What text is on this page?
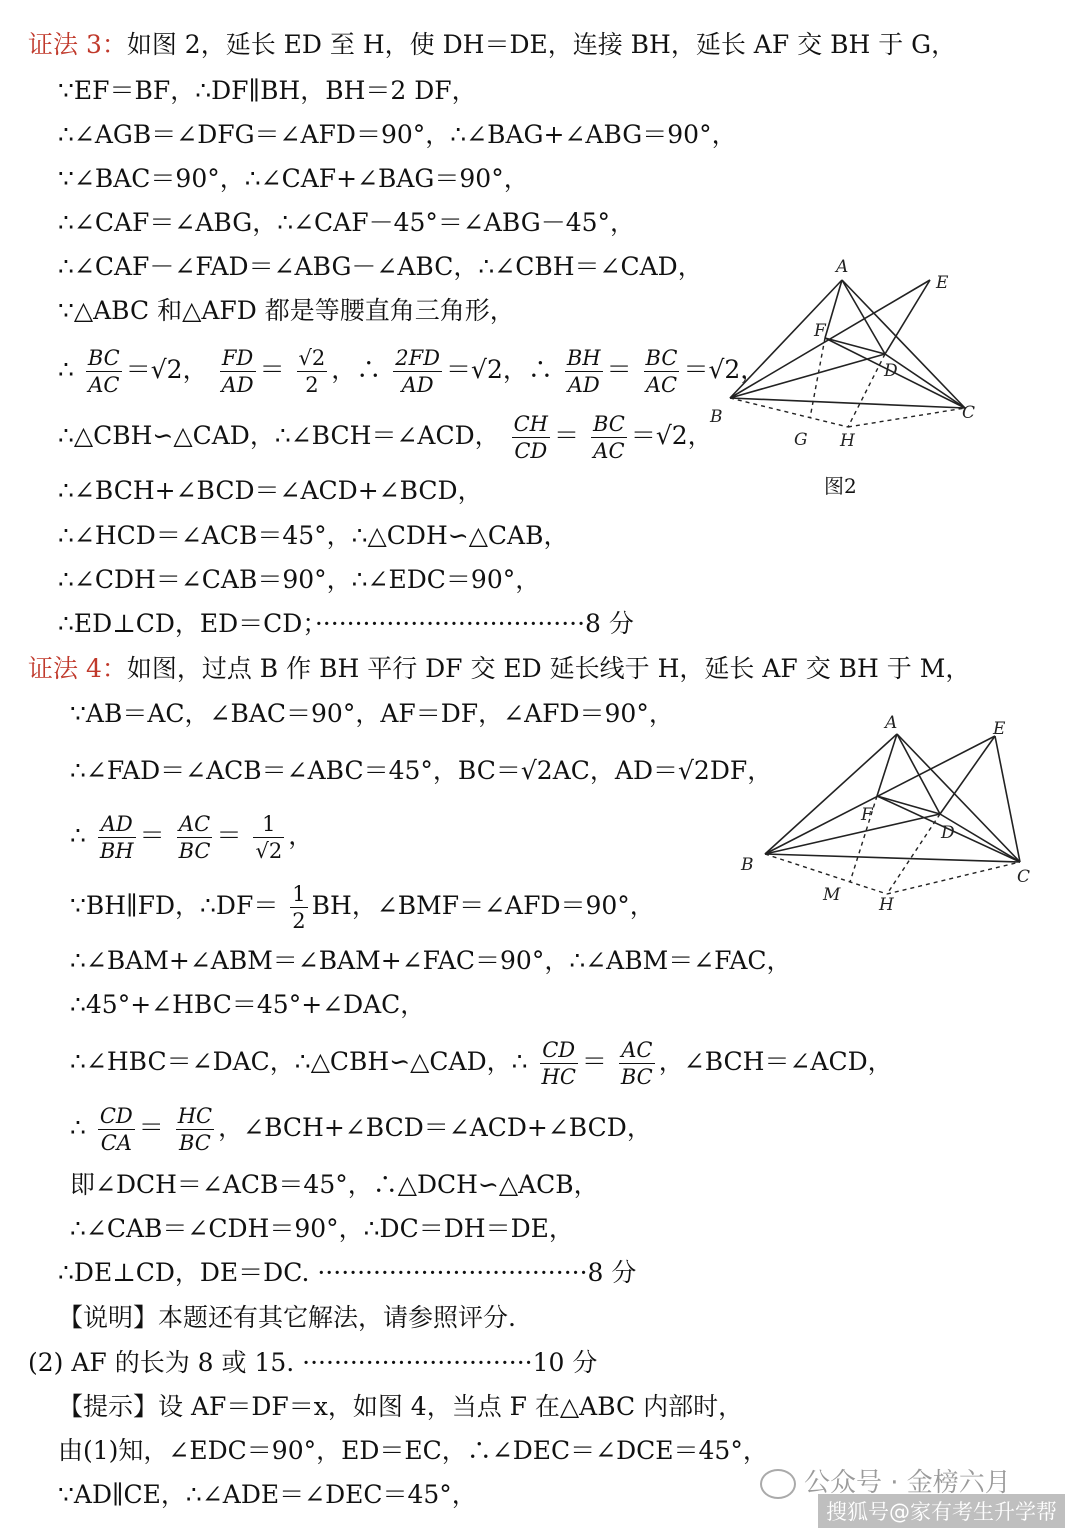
证法 3：如图 2，延长 ED 至 H，使 DH＝DE，连接 BH，延长 AF 交 BH 于 G，
∵EF＝BF，∴DF∥BH，BH＝2 DF，
∴∠AGB＝∠DFG＝∠AFD＝90°，∴∠BAG+∠ABG＝90°，
∵∠BAC＝90°，∴∠CAF+∠BAG＝90°，
∴∠CAF＝∠ABG，∴∠CAF－45°＝∠ABG－45°，
∴∠CAF－∠FAD＝∠ABG－∠ABC，∴∠CBH＝∠CAD，
∵△ABC 和△AFD 都是等腰直角三角形，
∴ $\frac{BC}{AC} =√2$， $\frac{FD}{AD} = \frac{√2}{2}$ ，∴ $\frac{2FD}{AD} =√2$，∴ $\frac{BH}{AD} = \frac{BC}{AC} =√2$，
∴△CBH∽△CAD，∴∠BCH＝∠ACD， $\frac{CH}{CD} = \frac{BC}{AC} =√2$，
∴∠BCH+∠BCD＝∠ACD+∠BCD，
∴∠HCD＝∠ACB＝45°，∴△CDH∽△CAB，
∴∠CDH＝∠CAB＝90°，∴∠EDC＝90°，
∴ED⊥CD，ED＝CD；··································8 分
A
E
F
D
B	C
G H
图2
证法 4：如图，过点 B 作 BH 平行 DF 交 ED 延长线于 H，延长 AF 交 BH 于 M，
∵AB＝AC，∠BAC＝90°，AF＝DF，∠AFD＝90°，
∴∠FAD＝∠ACB＝∠ABC＝45°，BC＝√2AC，AD＝√2DF，
∴ $\frac{AD}{BH} = \frac{AC}{BC} = \frac{1}{√2}$ ，
∵BH∥FD，∴DF＝ $\frac{1}{2}$ BH，∠BMF＝∠AFD＝90°，
∴∠BAM+∠ABM＝∠BAM+∠FAC＝90°，∴∠ABM＝∠FAC，
∴45°+∠HBC＝45°+∠DAC，
∴∠HBC＝∠DAC，∴△CBH∽△CAD，∴ $\frac{CD}{HC} = \frac{AC}{BC}$ ，∠BCH＝∠ACD，
∴ $\frac{CD}{CA} = \frac{HC}{BC}$ ，∠BCH+∠BCD＝∠ACD+∠BCD，
即∠DCH＝∠ACB＝45°，∴△DCH∽△ACB，
∴∠CAB＝∠CDH＝90°，∴DC＝DH＝DE，
∴DE⊥CD，DE＝DC. ··································8 分
A	E
F
D
B
C
M H
【说明】本题还有其它解法，请参照评分.
(2) AF 的长为 8 或 15. ·····························10 分
【提示】设 AF＝DF＝x，如图 4，当点 F 在△ABC 内部时，
由(1)知，∠EDC＝90°，ED＝EC，∴∠DEC＝∠DCE＝45°，
∵AD∥CE，∴∠ADE＝∠DEC＝45°，	公众号 · 金榜六月
搜狐号@家有考生升学帮
